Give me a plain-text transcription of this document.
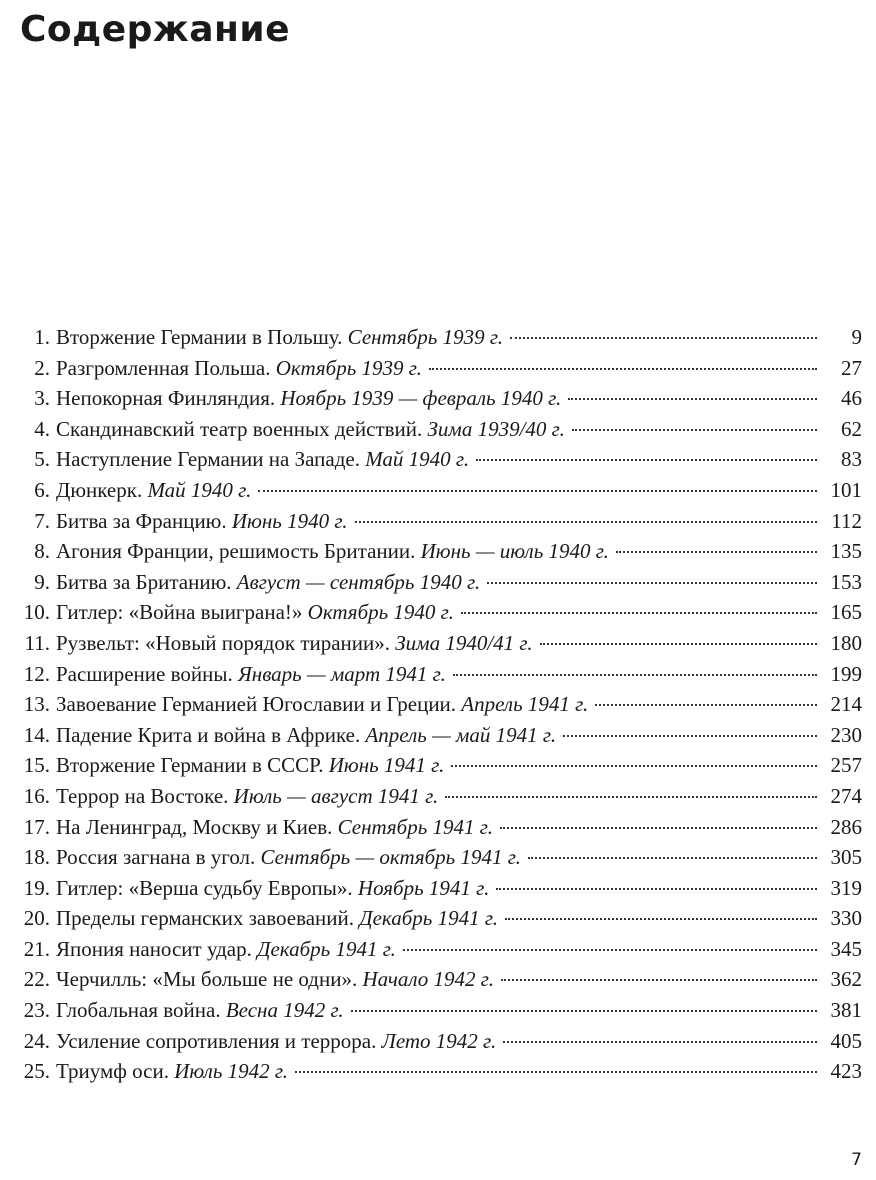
Содержание
1. Вторжение Германии в Польшу. Сентябрь 1939 г.	9
2. Разгромленная Польша. Октябрь 1939 г.	27
3. Непокорная Финляндия. Ноябрь 1939 — февраль 1940 г.	46
4. Скандинавский театр военных действий. Зима 1939/40 г.	62
5. Наступление Германии на Западе. Май 1940 г.	83
6. Дюнкерк. Май 1940 г.	101
7. Битва за Францию. Июнь 1940 г.	112
8. Агония Франции, решимость Британии. Июнь — июль 1940 г.	135
9. Битва за Британию. Август — сентябрь 1940 г.	153
10. Гитлер: «Война выиграна!» Октябрь 1940 г.	165
11. Рузвельт: «Новый порядок тирании». Зима 1940/41 г.	180
12. Расширение войны. Январь — март 1941 г.	199
13. Завоевание Германией Югославии и Греции. Апрель 1941 г.	214
14. Падение Крита и война в Африке. Апрель — май 1941 г.	230
15. Вторжение Германии в СССР. Июнь 1941 г.	257
16. Террор на Востоке. Июль — август 1941 г.	274
17. На Ленинград, Москву и Киев. Сентябрь 1941 г.	286
18. Россия загнана в угол. Сентябрь — октябрь 1941 г.	305
19. Гитлер: «Верша судьбу Европы». Ноябрь 1941 г.	319
20. Пределы германских завоеваний. Декабрь 1941 г.	330
21. Япония наносит удар. Декабрь 1941 г.	345
22. Черчилль: «Мы больше не одни». Начало 1942 г.	362
23. Глобальная война. Весна 1942 г.	381
24. Усиление сопротивления и террора. Лето 1942 г.	405
25. Триумф оси. Июль 1942 г.	423
7
